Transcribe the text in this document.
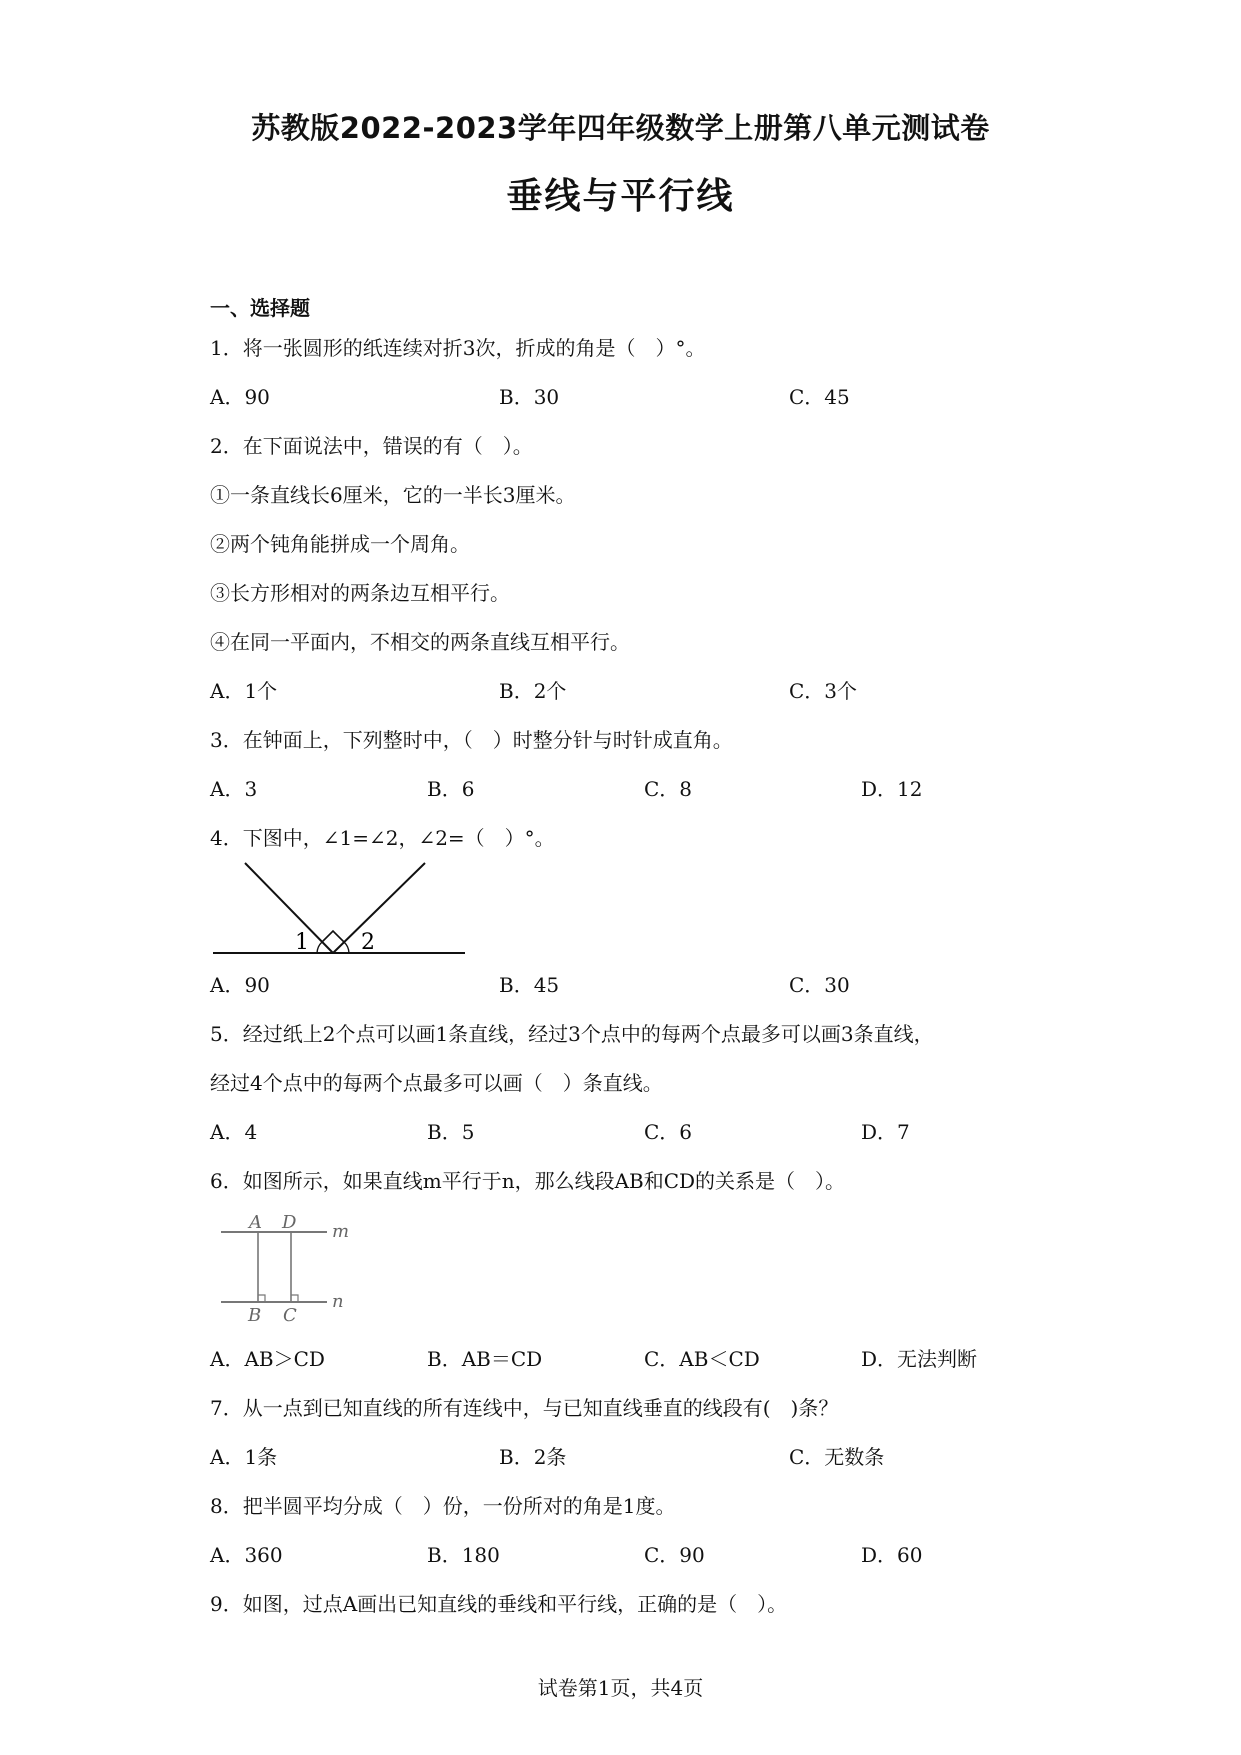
苏教版2022-2023学年四年级数学上册第八单元测试卷
垂线与平行线
一、选择题
1．将一张圆形的纸连续对折3次，折成的角是（　）°。
A．90	B．30	C．45
2．在下面说法中，错误的有（　）。
①一条直线长6厘米，它的一半长3厘米。
②两个钝角能拼成一个周角。
③长方形相对的两条边互相平行。
④在同一平面内，不相交的两条直线互相平行。
A．1个	B．2个	C．3个
3．在钟面上，下列整时中，（　）时整分针与时针成直角。
A．3	B．6	C．8	D．12
4．下图中，∠1=∠2，∠2=（　）°。
1 2
A．90	B．45	C．30
5．经过纸上2个点可以画1条直线，经过3个点中的每两个点最多可以画3条直线，
经过4个点中的每两个点最多可以画（　）条直线。
A．4	B．5	C．6	D．7
6．如图所示，如果直线m平行于n，那么线段AB和CD的关系是（　）。
A D m
B C
n
A．AB＞CD	B．AB＝CD	C．AB＜CD	D．无法判断
7．从一点到已知直线的所有连线中，与已知直线垂直的线段有(　)条？
A．1条	B．2条	C．无数条
8．把半圆平均分成（　）份，一份所对的角是1度。
A．360	B．180	C．90	D．60
9．如图，过点A画出已知直线的垂线和平行线，正确的是（　）。
试卷第1页，共4页
